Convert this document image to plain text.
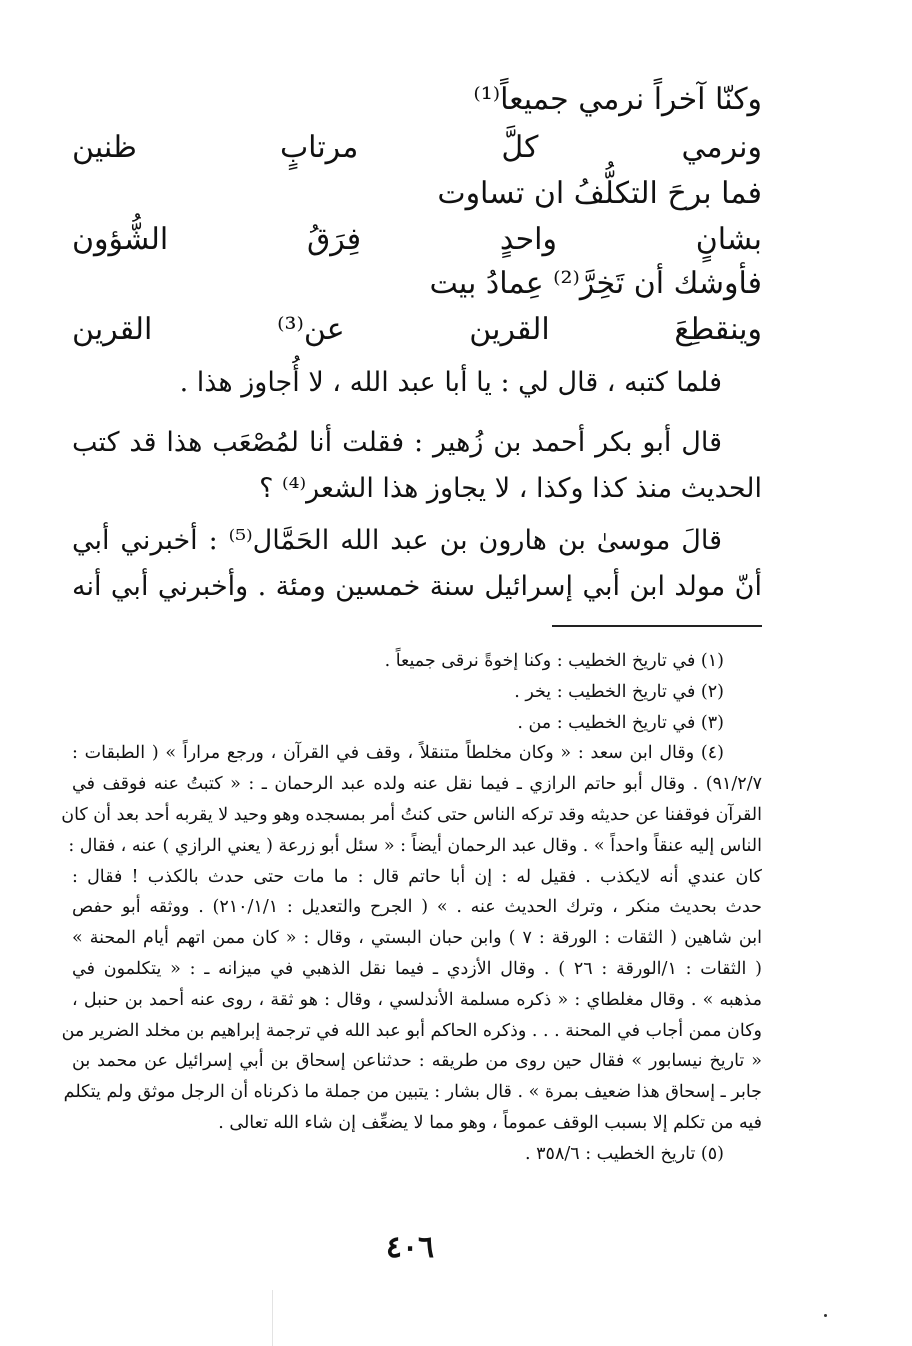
وكنّا آخراً نرمي جميعاً⁽¹⁾
ونرمي كلَّ مرتابٍ ظنين
فما برحَ التكلُّفُ ان تساوت
بشانٍ واحدٍ فِرَقُ الشُّؤون
فأوشك أن تَخِرَّ⁽²⁾ عِمادُ بيت
وينقطِعَ القرين عن⁽³⁾ القرين

فلما كتبه ، قال لي : يا أبا عبد الله ، لا أُجاوز هذا .

قال أبو بكر أحمد بن زُهير : فقلت أنا لمُصْعَب هذا قد كتب
الحديث منذ كذا وكذا ، لا يجاوز هذا الشعر⁽⁴⁾ ؟
قالَ موسىٰ بن هارون بن عبد الله الحَمَّال⁽⁵⁾ : أخبرني أبي
أنّ مولد ابن أبي إسرائيل سنة خمسين ومئة . وأخبرني أبي أنه
(١) في تاريخ الخطيب : وكنا إخوةً نرقى جميعاً .
(٢) في تاريخ الخطيب : يخر .
(٣) في تاريخ الخطيب : من .
(٤) وقال ابن سعد : « وكان مخلطاً متنقلاً ، وقف في القرآن ، ورجع مراراً » ( الطبقات :
٩١/٢/٧) . وقال أبو حاتم الرازي ـ فيما نقل عنه ولده عبد الرحمان ـ : « كتبتُ عنه فوقف في
القرآن فوقفنا عن حديثه وقد تركه الناس حتى كنتُ أمر بمسجده وهو وحيد لا يقربه أحد بعد أن كان
الناس إليه عنقاً واحداً » . وقال عبد الرحمان أيضاً : « سئل أبو زرعة ( يعني الرازي ) عنه ، فقال :
كان عندي أنه لايكذب . فقيل له : إن أبا حاتم قال : ما مات حتى حدث بالكذب ! فقال :
حدث بحديث منكر ، وترك الحديث عنه . » ( الجرح والتعديل : ٢١٠/١/١) . ووثقه أبو حفص
ابن شاهين ( الثقات : الورقة : ٧ ) وابن حبان البستي ، وقال : « كان ممن اتهم أيام المحنة »
( الثقات : ١/الورقة : ٢٦ ) . وقال الأزدي ـ فيما نقل الذهبي في ميزانه ـ : « يتكلمون في
مذهبه » . وقال مغلطاي : « ذكره مسلمة الأندلسي ، وقال : هو ثقة ، روى عنه أحمد بن حنبل ،
وكان ممن أجاب في المحنة . . . وذكره الحاكم أبو عبد الله في ترجمة إبراهيم بن مخلد الضرير من
« تاريخ نيسابور » فقال حين روى من طريقه : حدثناعن إسحاق بن أبي إسرائيل عن محمد بن
جابر ـ إسحاق هذا ضعيف بمرة » . قال بشار : يتبين من جملة ما ذكرناه أن الرجل موثق ولم يتكلم
فيه من تكلم إلا بسبب الوقف عموماً ، وهو مما لا يضعِّف إن شاء الله تعالى .
(٥) تاريخ الخطيب : ٣٥٨/٦ .
٤٠٦
